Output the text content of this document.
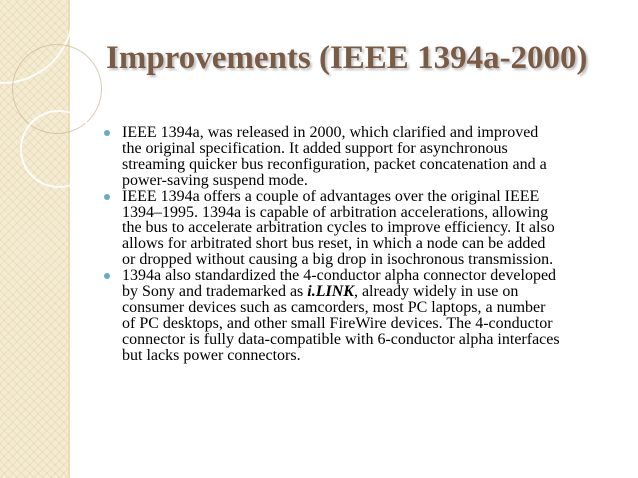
Improvements (IEEE 1394a-2000)
IEEE 1394a, was released in 2000, which clarified and improved
the original specification. It added support for asynchronous
streaming quicker bus reconfiguration, packet concatenation and a
power-saving suspend mode.
IEEE 1394a offers a couple of advantages over the original IEEE
1394–1995. 1394a is capable of arbitration accelerations, allowing
the bus to accelerate arbitration cycles to improve efficiency. It also
allows for arbitrated short bus reset, in which a node can be added
or dropped without causing a big drop in isochronous transmission.
1394a also standardized the 4-conductor alpha connector developed
by Sony and trademarked as i.LINK, already widely in use on
consumer devices such as camcorders, most PC laptops, a number
of PC desktops, and other small FireWire devices. The 4-conductor
connector is fully data-compatible with 6-conductor alpha interfaces
but lacks power connectors.
